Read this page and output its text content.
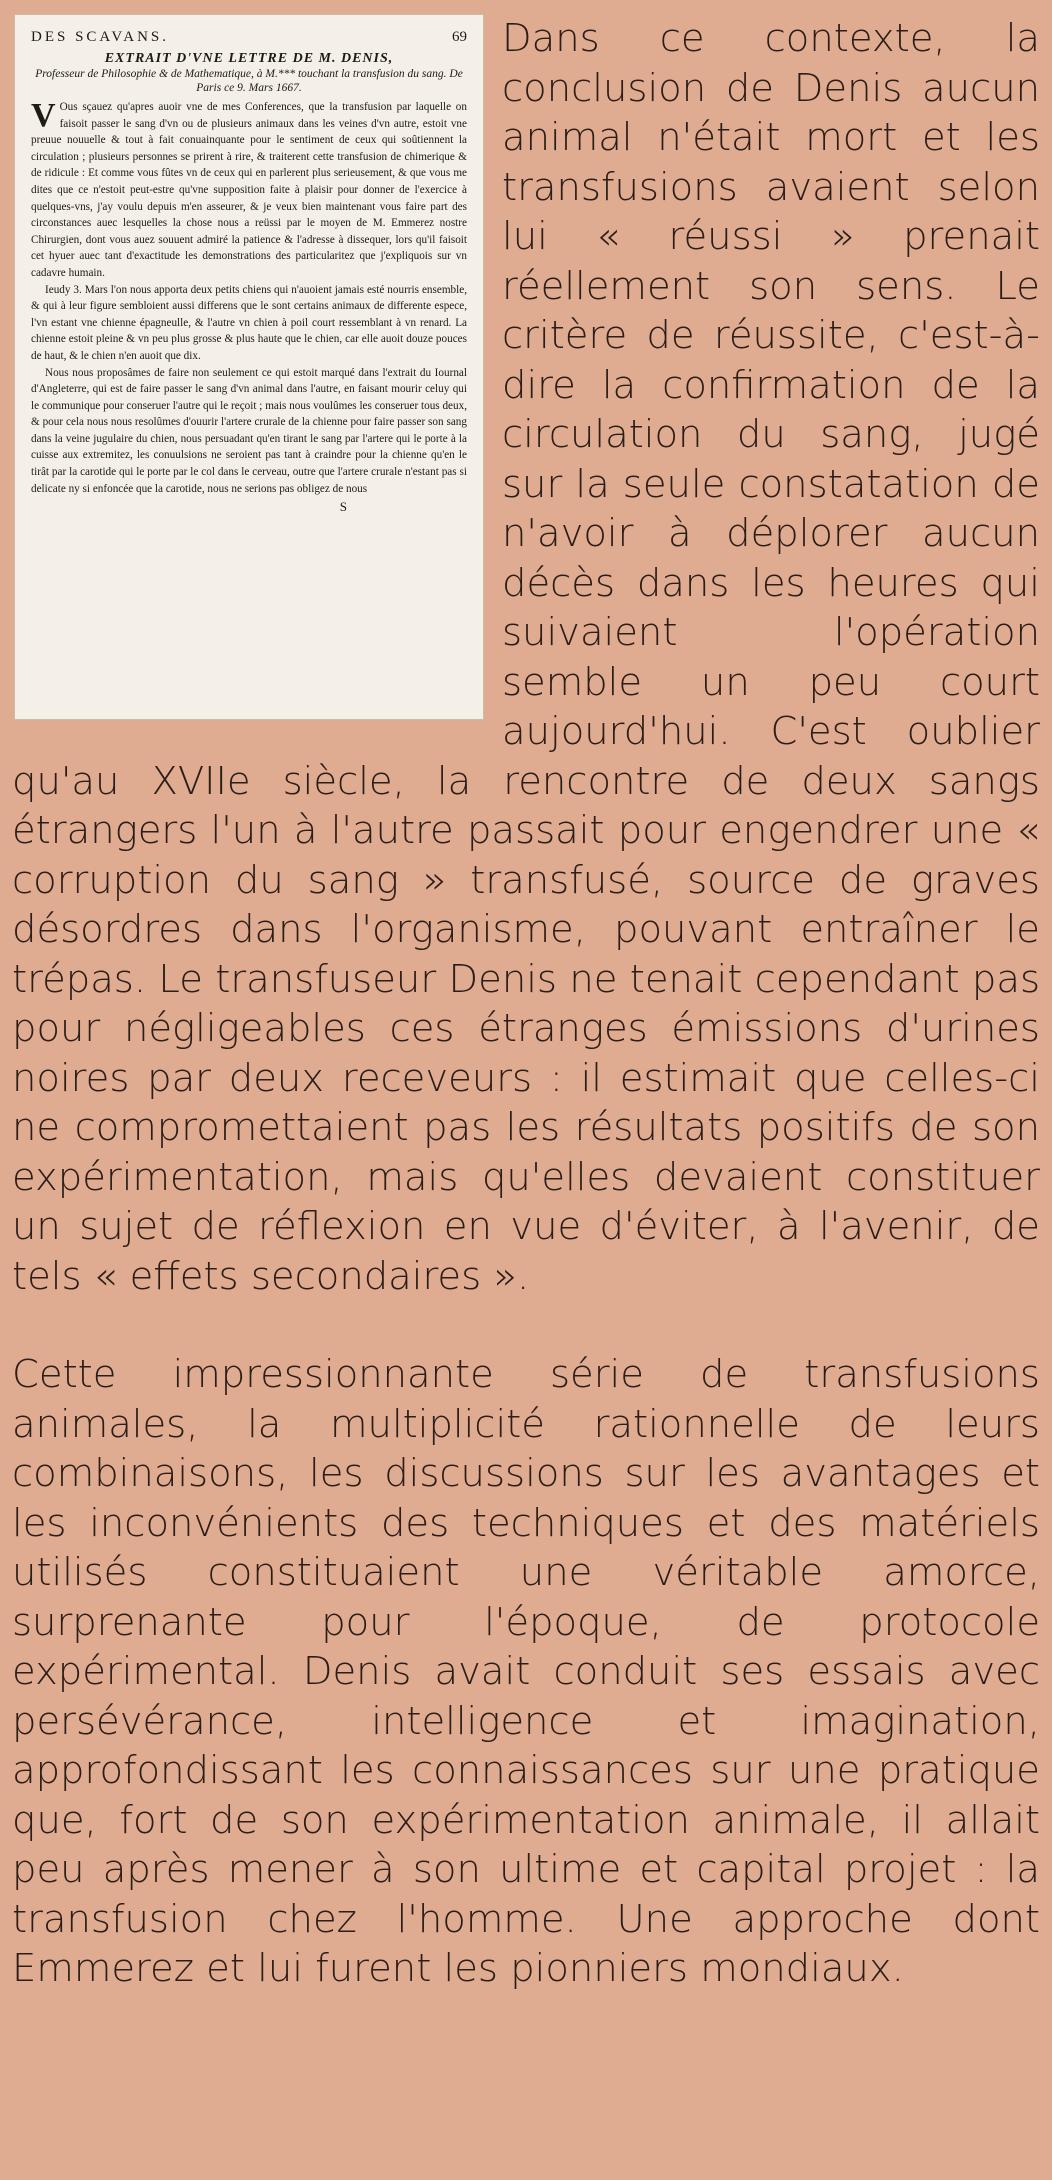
DES SCAVANS.	69
EXTRAIT D'VNE LETTRE DE M. DENIS,
Professeur de Philosophie & de Mathematique, à M.*** touchant la transfusion du sang. De Paris ce 9. Mars 1667.

V Ous sçauez qu'apres auoir vne de mes Conferences, que la transfusion par laquelle on faisoit passer le sang d'vn ou de plusieurs animaux dans les veines d'vn autre, estoit vne preuue nouuelle & tout à fait conuainquante pour le sentiment de ceux qui soûtiennent la circulation ; plusieurs personnes se prirent à rire, & traiterent cette transfusion de chimerique & de ridicule : Et comme vous fûtes vn de ceux qui en parlerent plus serieusement, & que vous me dites que ce n'estoit peut-estre qu'vne supposition faite à plaisir pour donner de l'exercice à quelques-vns, j'ay voulu depuis m'en asseurer, & je veux bien maintenant vous faire part des circonstances auec lesquelles la chose nous a reüssi par le moyen de M. Emmerez nostre Chirurgien, dont vous auez souuent admiré la patience & l'adresse à dissequer, lors qu'il faisoit cet hyuer auec tant d'exactitude les demonstrations des particularitez que j'expliquois sur vn cadavre humain.

Ieudy 3. Mars l'on nous apporta deux petits chiens qui n'auoient jamais esté nourris ensemble, & qui à leur figure sembloient aussi differens que le sont certains animaux de differente espece, l'vn estant vne chienne épagneulle, & l'autre vn chien à poil court ressemblant à vn renard. La chienne estoit pleine & vn peu plus grosse & plus haute que le chien, car elle auoit douze pouces de haut, & le chien n'en auoit que dix.

Nous nous proposâmes de faire non seulement ce qui estoit marqué dans l'extrait du Iournal d'Angleterre, qui est de faire passer le sang d'vn animal dans l'autre, en faisant mourir celuy qui le communique pour conseruer l'autre qui le reçoit ; mais nous voulûmes les conseruer tous deux, & pour cela nous nous resolûmes d'ouurir l'artere crurale de la chienne pour faire passer son sang dans la veine jugulaire du chien, nous persuadant qu'en tirant le sang par l'artere qui le porte à la cuisse aux extremitez, les conuulsions ne seroient pas tant à craindre pour la chienne qu'en le tirât par la carotide qui le porte par le col dans le cerveau, outre que l'artere crurale n'estant pas si delicate ny si enfoncée que la carotide, nous ne serions pas obligez de nous

S

Dans ce contexte, la conclusion de Denis aucun animal n'était mort et les transfusions avaient selon lui « réussi » prenait réellement son sens. Le critère de réussite, c'est-à-dire la confirmation de la circulation du sang, jugé sur la seule constatation de n'avoir à déplorer aucun décès dans les heures qui suivaient l'opération semble un peu court aujourd'hui. C'est oublier qu'au XVIIe siècle, la rencontre de deux sangs étrangers l'un à l'autre passait pour engendrer une « corruption du sang » transfusé, source de graves désordres dans l'organisme, pouvant entraîner le trépas. Le transfuseur Denis ne tenait cependant pas pour négligeables ces étranges émissions d'urines noires par deux receveurs : il estimait que celles-ci ne compromettaient pas les résultats positifs de son expérimentation, mais qu'elles devaient constituer un sujet de réflexion en vue d'éviter, à l'avenir, de tels « effets secondaires ».

Cette impressionnante série de transfusions animales, la multiplicité rationnelle de leurs combinaisons, les discussions sur les avantages et les inconvénients des techniques et des matériels utilisés constituaient une véritable amorce, surprenante pour l'époque, de protocole expérimental. Denis avait conduit ses essais avec persévérance, intelligence et imagination, approfondissant les connaissances sur une pratique que, fort de son expérimentation animale, il allait peu après mener à son ultime et capital projet : la transfusion chez l'homme. Une approche dont Emmerez et lui furent les pionniers mondiaux.
